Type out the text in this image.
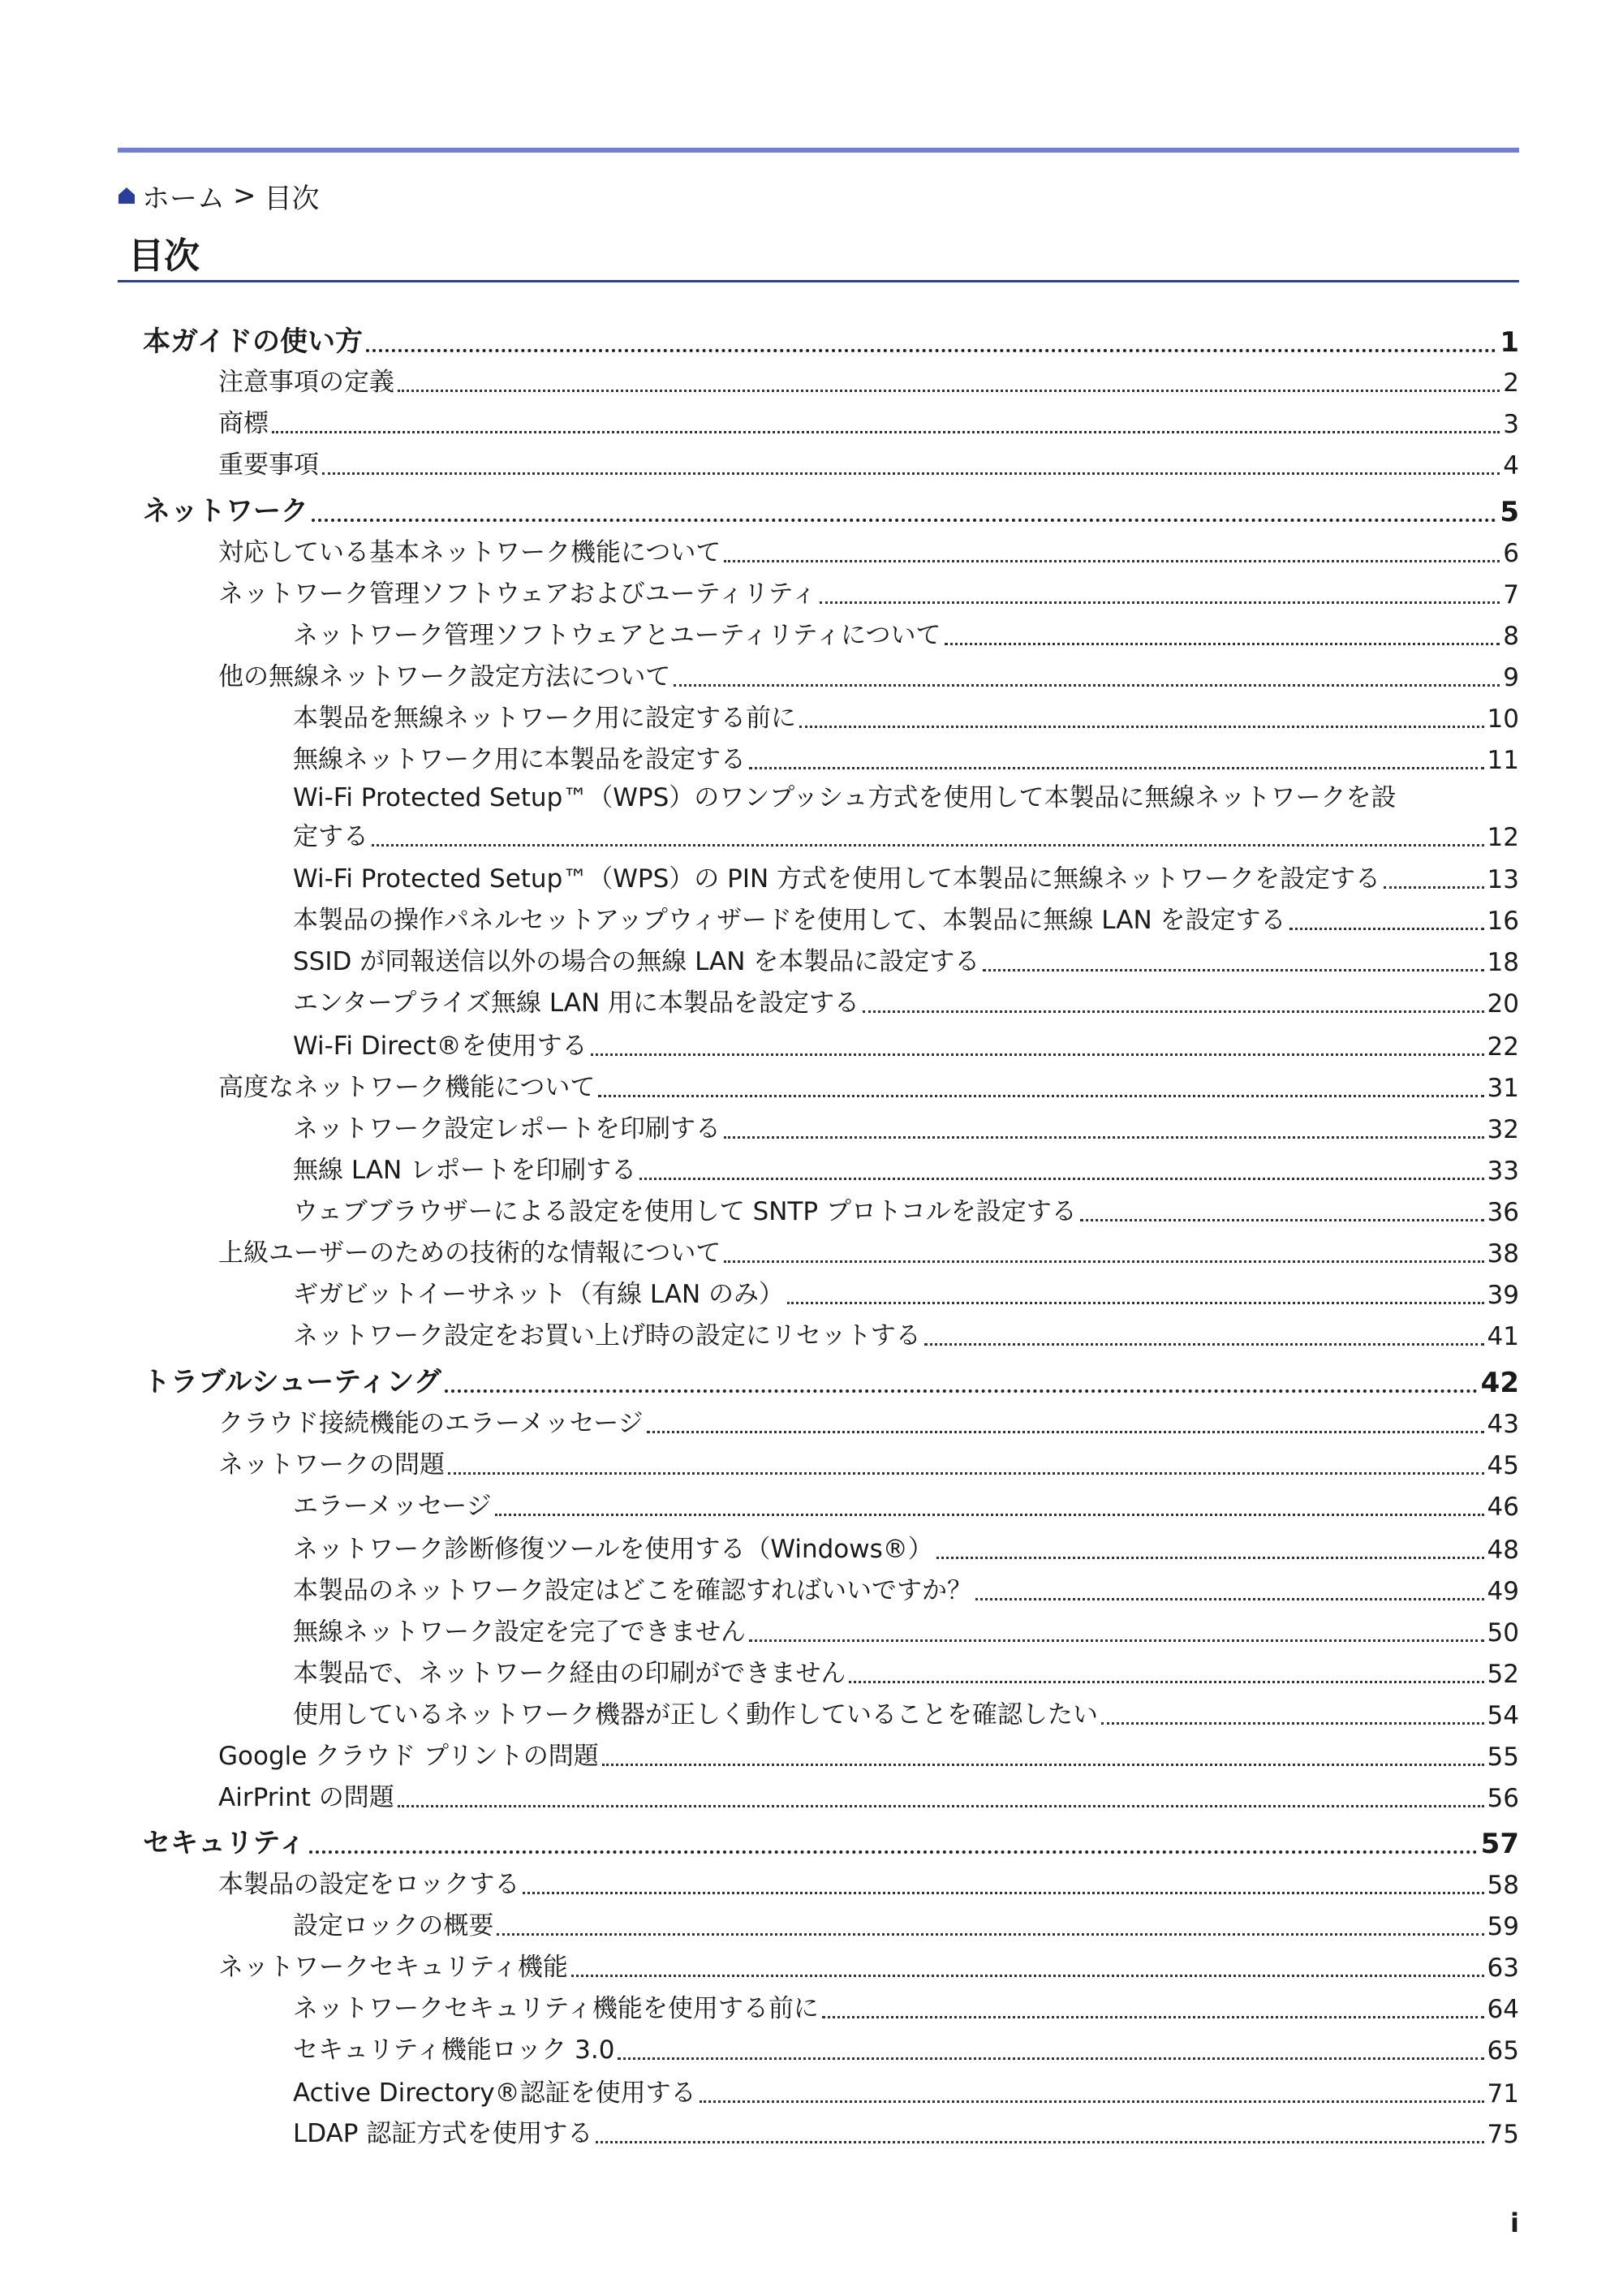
ホーム > 目次
目次
本ガイドの使い方	1
注意事項の定義	2
商標	3
重要事項	4
ネットワーク	5
対応している基本ネットワーク機能について	6
ネットワーク管理ソフトウェアおよびユーティリティ	7
ネットワーク管理ソフトウェアとユーティリティについて	8
他の無線ネットワーク設定方法について	9
本製品を無線ネットワーク用に設定する前に	10
無線ネットワーク用に本製品を設定する	11
Wi-Fi Protected Setup™（WPS）のワンプッシュ方式を使用して本製品に無線ネットワークを設
定する	12
Wi-Fi Protected Setup™（WPS）の PIN 方式を使用して本製品に無線ネットワークを設定する	13
本製品の操作パネルセットアップウィザードを使用して、本製品に無線 LAN を設定する	16
SSID が同報送信以外の場合の無線 LAN を本製品に設定する	18
エンタープライズ無線 LAN 用に本製品を設定する	20
Wi-Fi Direct®を使用する	22
高度なネットワーク機能について	31
ネットワーク設定レポートを印刷する	32
無線 LAN レポートを印刷する	33
ウェブブラウザーによる設定を使用して SNTP プロトコルを設定する	36
上級ユーザーのための技術的な情報について	38
ギガビットイーサネット（有線 LAN のみ）	39
ネットワーク設定をお買い上げ時の設定にリセットする	41
トラブルシューティング	42
クラウド接続機能のエラーメッセージ	43
ネットワークの問題	45
エラーメッセージ	46
ネットワーク診断修復ツールを使用する（Windows®）	48
本製品のネットワーク設定はどこを確認すればいいですか？	49
無線ネットワーク設定を完了できません	50
本製品で、ネットワーク経由の印刷ができません	52
使用しているネットワーク機器が正しく動作していることを確認したい	54
Google クラウド プリントの問題	55
AirPrint の問題	56
セキュリティ	57
本製品の設定をロックする	58
設定ロックの概要	59
ネットワークセキュリティ機能	63
ネットワークセキュリティ機能を使用する前に	64
セキュリティ機能ロック 3.0	65
Active Directory®認証を使用する	71
LDAP 認証方式を使用する	75
i
